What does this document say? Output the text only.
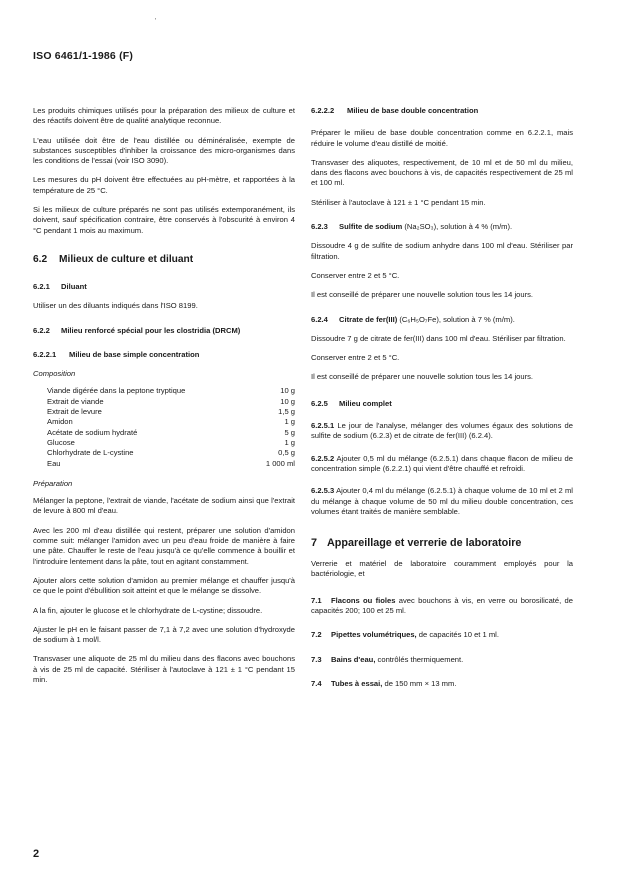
'
ISO 6461/1-1986 (F)

Les produits chimiques utilisés pour la préparation des milieux de culture et des réactifs doivent être de qualité analytique reconnue.

L'eau utilisée doit être de l'eau distillée ou déminéralisée, exempte de substances susceptibles d'inhiber la croissance des micro-organismes dans les conditions de l'essai (voir ISO 3090).

Les mesures du pH doivent être effectuées au pH-mètre, et rapportées à la température de 25 °C.

Si les milieux de culture préparés ne sont pas utilisés extemporanément, ils doivent, sauf spécification contraire, être conservés à l'obscurité à environ 4 °C pendant 1 mois au maximum.

6.2 Milieux de culture et diluant
6.2.1 Diluant

Utiliser un des diluants indiqués dans l'ISO 8199.

6.2.2 Milieu renforcé spécial pour les clostridia (DRCM)
6.2.2.1 Milieu de base simple concentration
Composition
Viande digérée dans la peptone tryptique	10 g
Extrait de viande	10 g
Extrait de levure	1,5 g
Amidon	1 g
Acétate de sodium hydraté	5 g
Glucose	1 g
Chlorhydrate de L-cystine	0,5 g
Eau	1 000 ml
Préparation

Mélanger la peptone, l'extrait de viande, l'acétate de sodium ainsi que l'extrait de levure à 800 ml d'eau.

Avec les 200 ml d'eau distillée qui restent, préparer une solution d'amidon comme suit: mélanger l'amidon avec un peu d'eau froide de manière à faire une pâte. Chauffer le reste de l'eau jusqu'à ce qu'elle commence à bouillir et l'introduire lentement dans la pâte, tout en agitant constamment.

Ajouter alors cette solution d'amidon au premier mélange et chauffer jusqu'à ce que le point d'ébullition soit atteint et que le mélange se dissolve.

A la fin, ajouter le glucose et le chlorhydrate de L-cystine; dissoudre.

Ajuster le pH en le faisant passer de 7,1 à 7,2 avec une solution d'hydroxyde de sodium à 1 mol/l.

Transvaser une aliquote de 25 ml du milieu dans des flacons avec bouchons à vis de 25 ml de capacité. Stériliser à l'autoclave à 121 ± 1 °C pendant 15 min.

6.2.2.2 Milieu de base double concentration

Préparer le milieu de base double concentration comme en 6.2.2.1, mais réduire le volume d'eau distillé de moitié.

Transvaser des aliquotes, respectivement, de 10 ml et de 50 ml du milieu, dans des flacons avec bouchons à vis, de capacités respectivement de 25 ml et 100 ml.

Stériliser à l'autoclave à 121 ± 1 °C pendant 15 min.

6.2.3 Sulfite de sodium (Na₂SO₃), solution à 4 % (m/m).

Dissoudre 4 g de sulfite de sodium anhydre dans 100 ml d'eau. Stériliser par filtration.

Conserver entre 2 et 5 °C.

Il est conseillé de préparer une nouvelle solution tous les 14 jours.

6.2.4 Citrate de fer(III) (C₆H₅O₇Fe), solution à 7 % (m/m).

Dissoudre 7 g de citrate de fer(III) dans 100 ml d'eau. Stériliser par filtration.

Conserver entre 2 et 5 °C.

Il est conseillé de préparer une nouvelle solution tous les 14 jours.

6.2.5 Milieu complet

6.2.5.1 Le jour de l'analyse, mélanger des volumes égaux des solutions de sulfite de sodium (6.2.3) et de citrate de fer(III) (6.2.4).

6.2.5.2 Ajouter 0,5 ml du mélange (6.2.5.1) dans chaque flacon de milieu de concentration simple (6.2.2.1) qui vient d'être chauffé et refroidi.

6.2.5.3 Ajouter 0,4 ml du mélange (6.2.5.1) à chaque volume de 10 ml et 2 ml du mélange à chaque volume de 50 ml du milieu double concentration, ces volumes étant traités de manière semblable.

7 Appareillage et verrerie de laboratoire

Verrerie et matériel de laboratoire couramment employés pour la bactériologie, et

7.1 Flacons ou fioles avec bouchons à vis, en verre ou borosilicaté, de capacités 200; 100 et 25 ml.

7.2 Pipettes volumétriques, de capacités 10 et 1 ml.

7.3 Bains d'eau, contrôlés thermiquement.

7.4 Tubes à essai, de 150 mm × 13 mm.

2
